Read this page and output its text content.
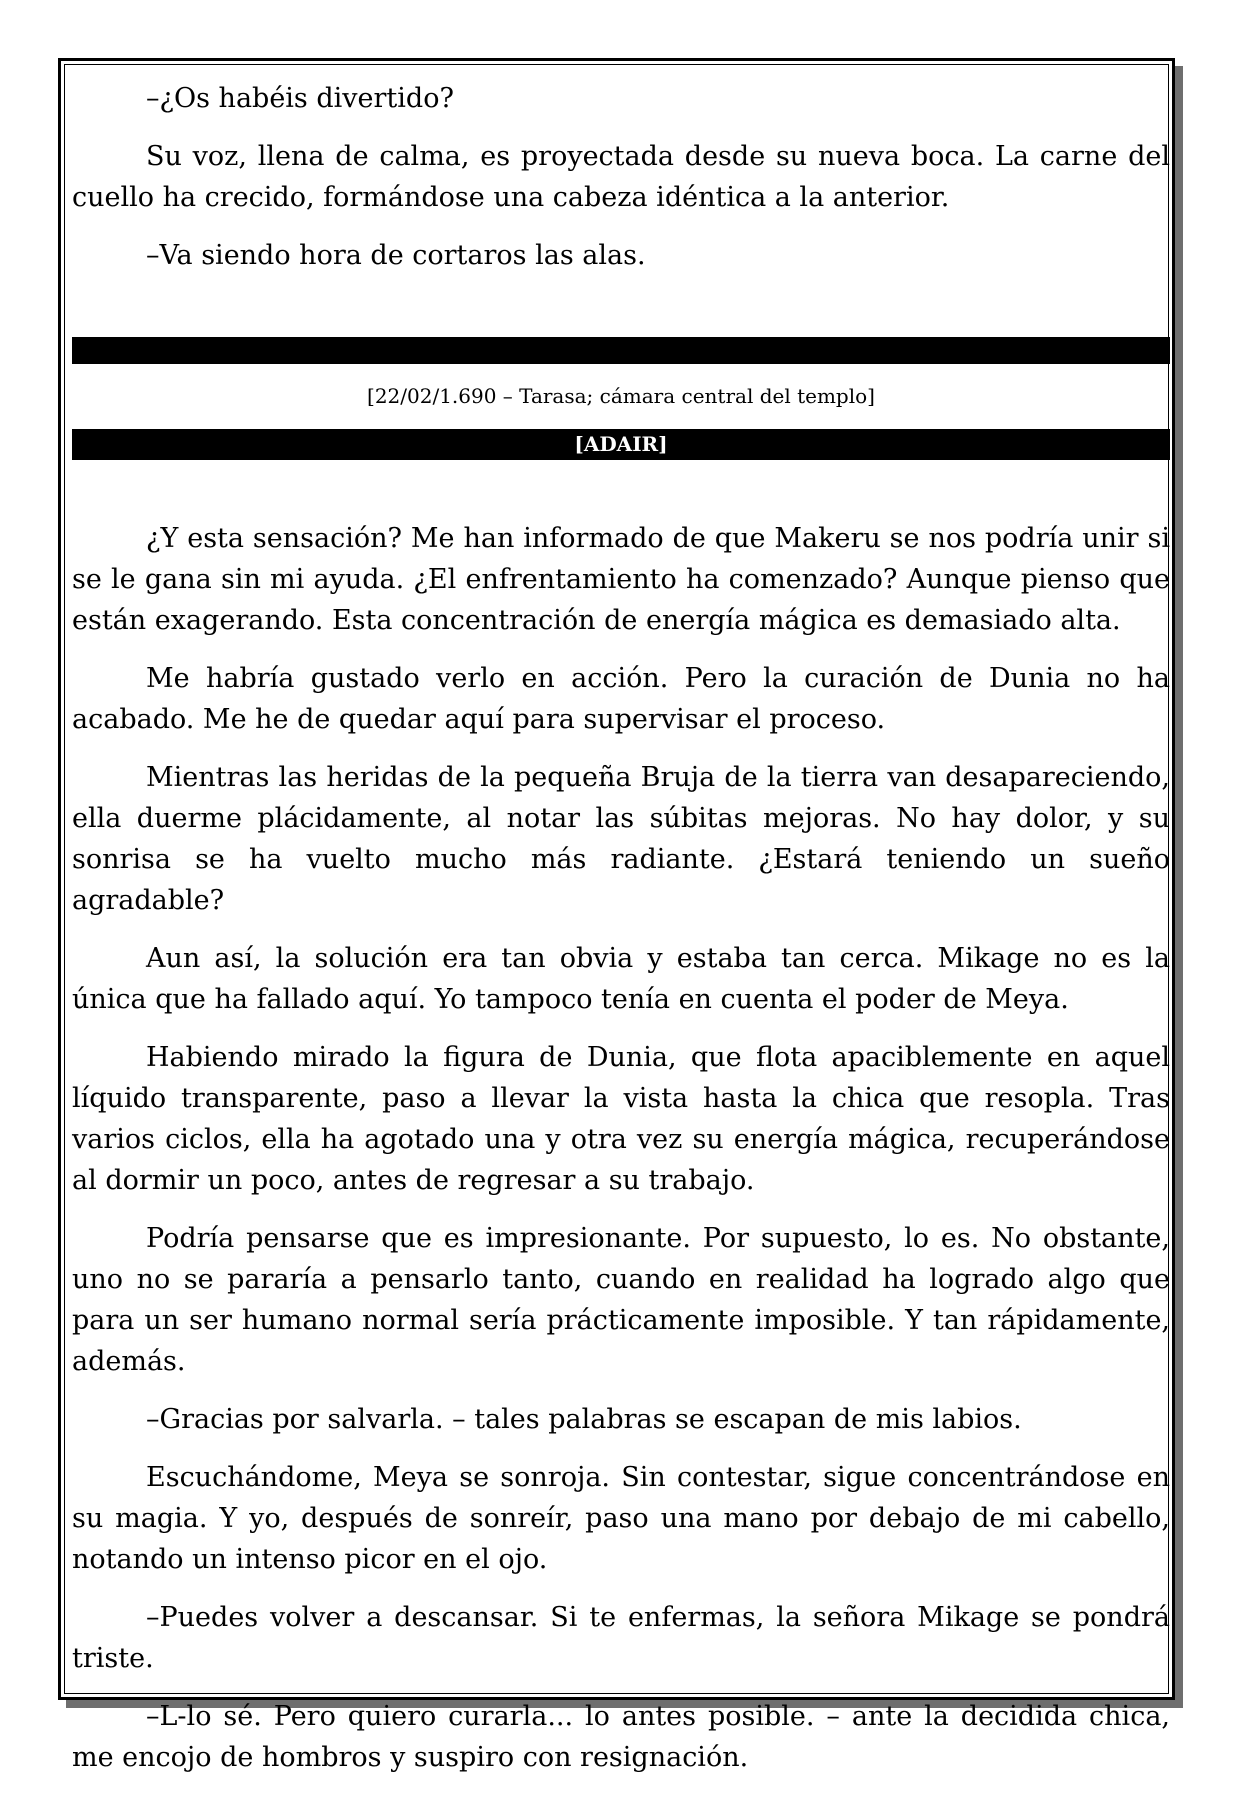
–¿Os habéis divertido?

Su voz, llena de calma, es proyectada desde su nueva boca. La carne del cuello ha crecido, formándose una cabeza idéntica a la anterior.

–Va siendo hora de cortaros las alas.

[22/02/1.690 – Tarasa; cámara central del templo]
[ADAIR]

¿Y esta sensación? Me han informado de que Makeru se nos podría unir si se le gana sin mi ayuda. ¿El enfrentamiento ha comenzado? Aunque pienso que están exagerando. Esta concentración de energía mágica es demasiado alta.

Me habría gustado verlo en acción. Pero la curación de Dunia no ha acabado. Me he de quedar aquí para supervisar el proceso.

Mientras las heridas de la pequeña Bruja de la tierra van desapareciendo, ella duerme plácidamente, al notar las súbitas mejoras. No hay dolor, y su sonrisa se ha vuelto mucho más radiante. ¿Estará teniendo un sueño agradable?

Aun así, la solución era tan obvia y estaba tan cerca. Mikage no es la única que ha fallado aquí. Yo tampoco tenía en cuenta el poder de Meya.

Habiendo mirado la figura de Dunia, que flota apaciblemente en aquel líquido transparente, paso a llevar la vista hasta la chica que resopla. Tras varios ciclos, ella ha agotado una y otra vez su energía mágica, recuperándose al dormir un poco, antes de regresar a su trabajo.

Podría pensarse que es impresionante. Por supuesto, lo es. No obstante, uno no se pararía a pensarlo tanto, cuando en realidad ha logrado algo que para un ser humano normal sería prácticamente imposible. Y tan rápidamente, además.

–Gracias por salvarla. – tales palabras se escapan de mis labios.

Escuchándome, Meya se sonroja. Sin contestar, sigue concentrándose en su magia. Y yo, después de sonreír, paso una mano por debajo de mi cabello, notando un intenso picor en el ojo.

–Puedes volver a descansar. Si te enfermas, la señora Mikage se pondrá triste.

–L-lo sé. Pero quiero curarla... lo antes posible. – ante la decidida chica, me encojo de hombros y suspiro con resignación.
